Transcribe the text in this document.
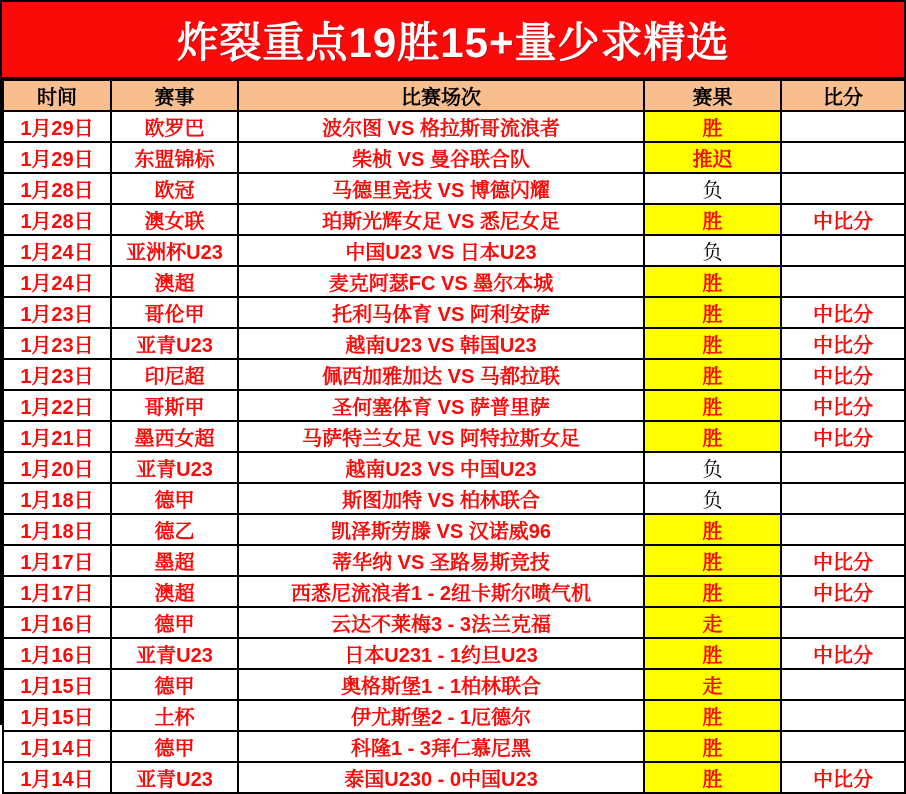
炸裂重点19胜15+量少求精选
时间	赛事	比赛场次	赛果	比分
1月29日	欧罗巴	波尔图 VS 格拉斯哥流浪者	胜	
1月29日	东盟锦标	柴桢 VS 曼谷联合队	推迟	
1月28日	欧冠	马德里竞技 VS 博德闪耀	负	
1月28日	澳女联	珀斯光辉女足 VS 悉尼女足	胜	中比分
1月24日	亚洲杯U23	中国U23 VS 日本U23	负	
1月24日	澳超	麦克阿瑟FC VS 墨尔本城	胜	
1月23日	哥伦甲	托利马体育 VS 阿利安萨	胜	中比分
1月23日	亚青U23	越南U23 VS 韩国U23	胜	中比分
1月23日	印尼超	佩西加雅加达 VS 马都拉联	胜	中比分
1月22日	哥斯甲	圣何塞体育 VS 萨普里萨	胜	中比分
1月21日	墨西女超	马萨特兰女足 VS 阿特拉斯女足	胜	中比分
1月20日	亚青U23	越南U23 VS 中国U23	负	
1月18日	德甲	斯图加特 VS 柏林联合	负	
1月18日	德乙	凯泽斯劳滕 VS 汉诺威96	胜	
1月17日	墨超	蒂华纳 VS 圣路易斯竞技	胜	中比分
1月17日	澳超	西悉尼流浪者1 - 2纽卡斯尔喷气机	胜	中比分
1月16日	德甲	云达不莱梅3 - 3法兰克福	走	
1月16日	亚青U23	日本U231 - 1约旦U23	胜	中比分
1月15日	德甲	奥格斯堡1 - 1柏林联合	走	
1月15日	土杯	伊尤斯堡2 - 1厄德尔	胜	
1月14日	德甲	科隆1 - 3拜仁慕尼黑	胜	
1月14日	亚青U23	泰国U230 - 0中国U23	胜	中比分
